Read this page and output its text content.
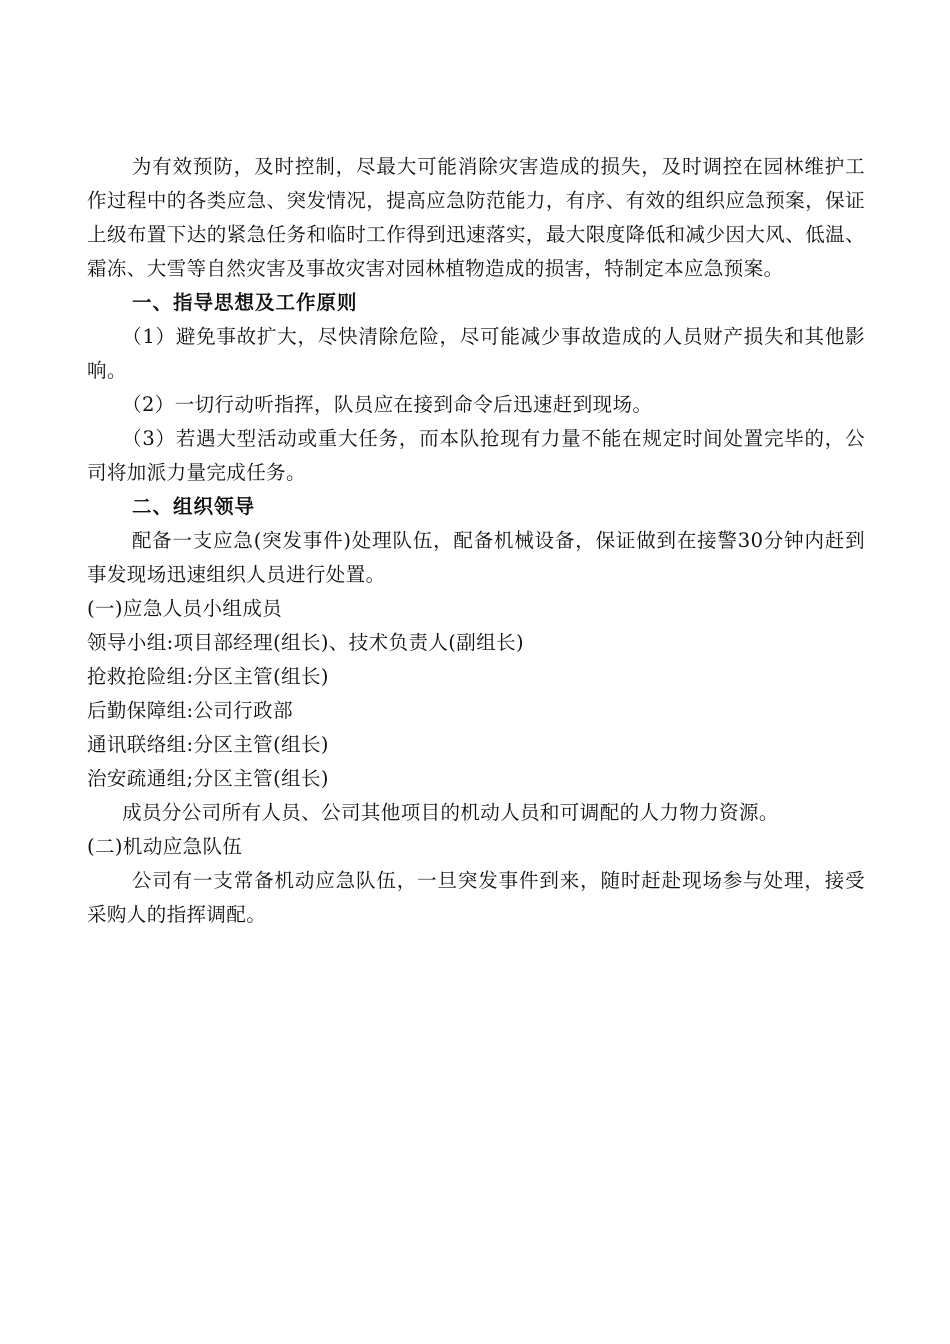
为有效预防，及时控制，尽最大可能消除灾害造成的损失，及时调控在园林维护工作过程中的各类应急、突发情况，提高应急防范能力，有序、有效的组织应急预案，保证上级布置下达的紧急任务和临时工作得到迅速落实，最大限度降低和减少因大风、低温、霜冻、大雪等自然灾害及事故灾害对园林植物造成的损害，特制定本应急预案。

一、指导思想及工作原则

（1）避免事故扩大，尽快清除危险，尽可能减少事故造成的人员财产损失和其他影响。

（2）一切行动听指挥，队员应在接到命令后迅速赶到现场。

（3）若遇大型活动或重大任务，而本队抢现有力量不能在规定时间处置完毕的，公司将加派力量完成任务。

二、组织领导

配备一支应急(突发事件)处理队伍，配备机械设备，保证做到在接警30分钟内赶到事发现场迅速组织人员进行处置。

(一)应急人员小组成员

领导小组:项目部经理(组长)、技术负责人(副组长)

抢救抢险组:分区主管(组长)

后勤保障组:公司行政部

通讯联络组:分区主管(组长)

治安疏通组;分区主管(组长)

成员分公司所有人员、公司其他项目的机动人员和可调配的人力物力资源。

(二)机动应急队伍

公司有一支常备机动应急队伍，一旦突发事件到来，随时赶赴现场参与处理，接受采购人的指挥调配。
